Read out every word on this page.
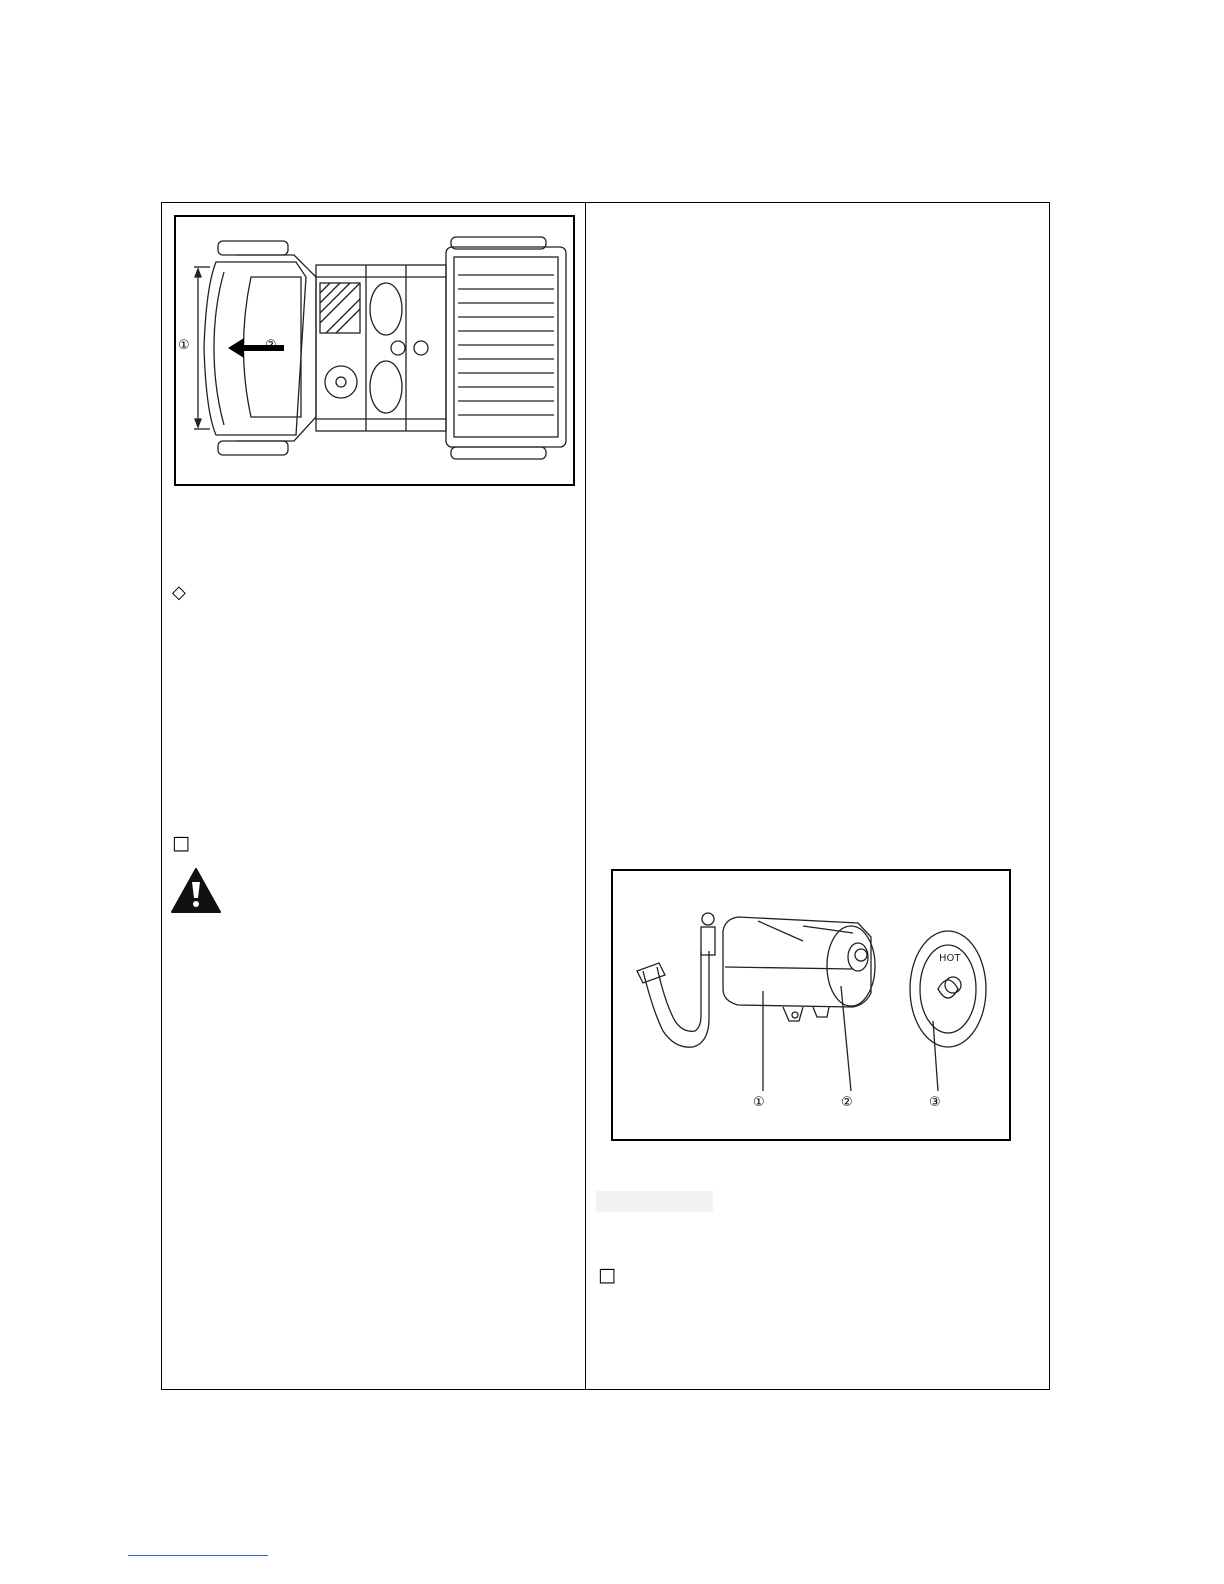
①	②
◇
□
HOT
①	②	③
□
